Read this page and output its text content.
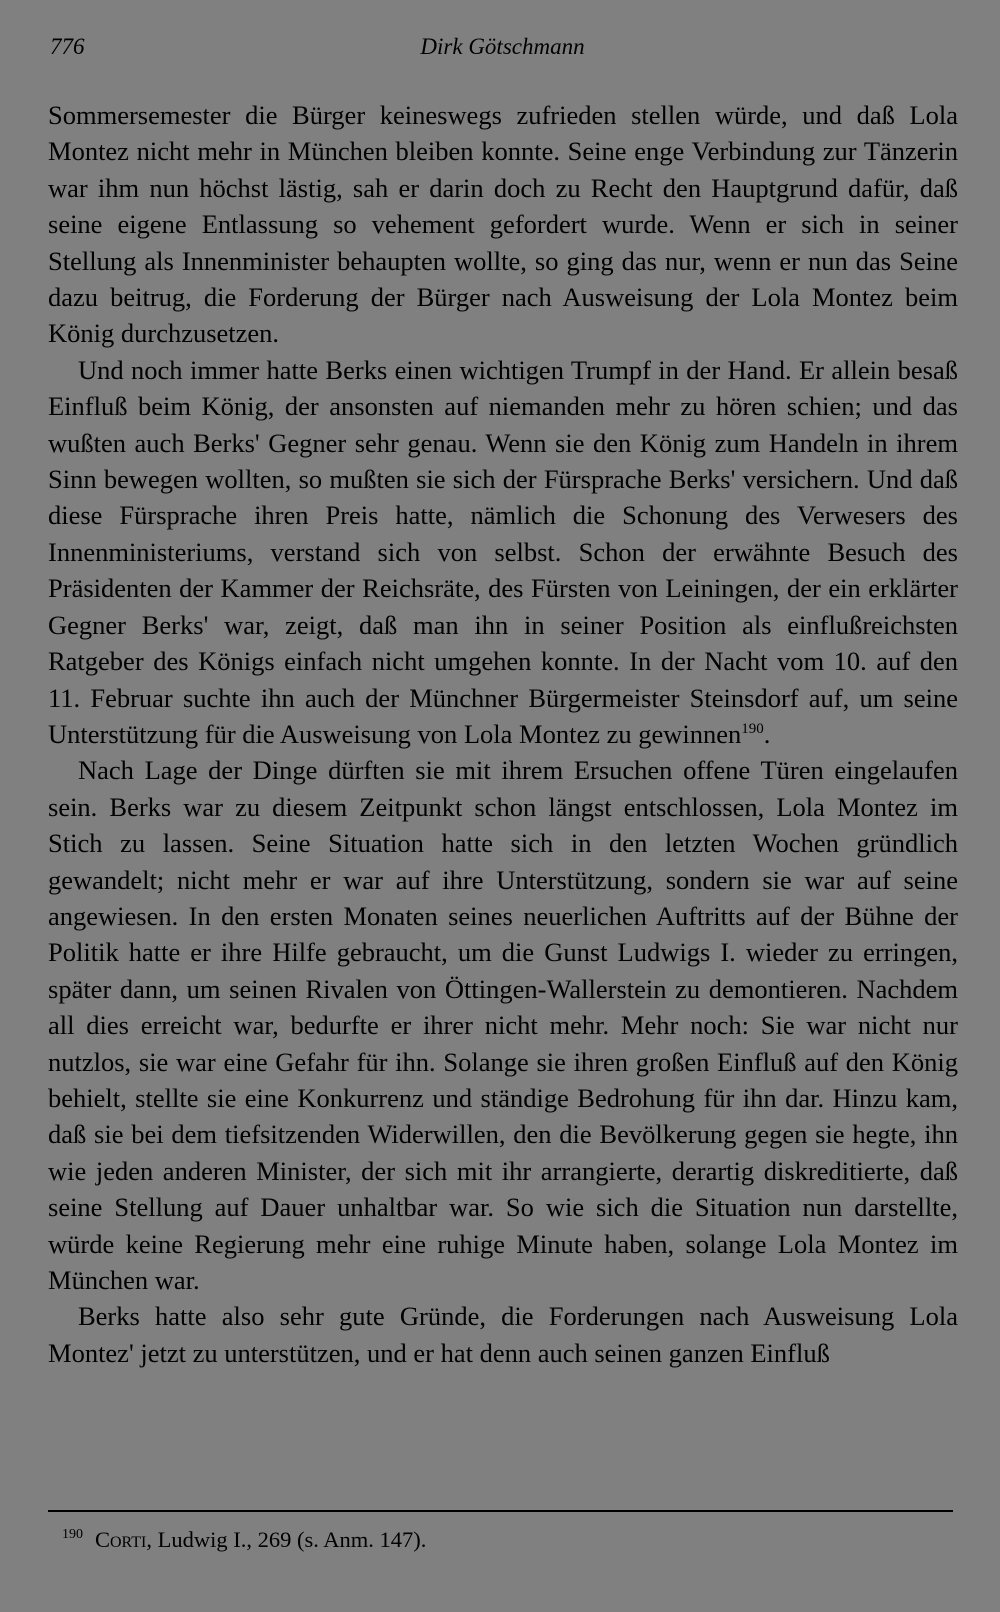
776	Dirk Götschmann

Sommersemester die Bürger keineswegs zufrieden stellen würde, und daß Lola Montez nicht mehr in München bleiben konnte. Seine enge Verbindung zur Tänzerin war ihm nun höchst lästig, sah er darin doch zu Recht den Hauptgrund dafür, daß seine eigene Entlassung so vehement gefordert wurde. Wenn er sich in seiner Stellung als Innenminister behaupten wollte, so ging das nur, wenn er nun das Seine dazu beitrug, die Forderung der Bürger nach Ausweisung der Lola Montez beim König durchzusetzen.

Und noch immer hatte Berks einen wichtigen Trumpf in der Hand. Er allein besaß Einfluß beim König, der ansonsten auf niemanden mehr zu hören schien; und das wußten auch Berks' Gegner sehr genau. Wenn sie den König zum Handeln in ihrem Sinn bewegen wollten, so mußten sie sich der Fürsprache Berks' versichern. Und daß diese Fürsprache ihren Preis hatte, nämlich die Schonung des Verwesers des Innenministeriums, verstand sich von selbst. Schon der erwähnte Besuch des Präsidenten der Kammer der Reichsräte, des Fürsten von Leiningen, der ein erklärter Gegner Berks' war, zeigt, daß man ihn in seiner Position als einflußreichsten Ratgeber des Königs einfach nicht umgehen konnte. In der Nacht vom 10. auf den 11. Februar suchte ihn auch der Münchner Bürgermeister Steinsdorf auf, um seine Unterstützung für die Ausweisung von Lola Montez zu gewinnen$^{190}$.

Nach Lage der Dinge dürften sie mit ihrem Ersuchen offene Türen eingelaufen sein. Berks war zu diesem Zeitpunkt schon längst entschlossen, Lola Montez im Stich zu lassen. Seine Situation hatte sich in den letzten Wochen gründlich gewandelt; nicht mehr er war auf ihre Unterstützung, sondern sie war auf seine angewiesen. In den ersten Monaten seines neuerlichen Auftritts auf der Bühne der Politik hatte er ihre Hilfe gebraucht, um die Gunst Ludwigs I. wieder zu erringen, später dann, um seinen Rivalen von Öttingen-Wallerstein zu demontieren. Nachdem all dies erreicht war, bedurfte er ihrer nicht mehr. Mehr noch: Sie war nicht nur nutzlos, sie war eine Gefahr für ihn. Solange sie ihren großen Einfluß auf den König behielt, stellte sie eine Konkurrenz und ständige Bedrohung für ihn dar. Hinzu kam, daß sie bei dem tiefsitzenden Widerwillen, den die Bevölkerung gegen sie hegte, ihn wie jeden anderen Minister, der sich mit ihr arrangierte, derartig diskreditierte, daß seine Stellung auf Dauer unhaltbar war. So wie sich die Situation nun darstellte, würde keine Regierung mehr eine ruhige Minute haben, solange Lola Montez im München war.

Berks hatte also sehr gute Gründe, die Forderungen nach Ausweisung Lola Montez' jetzt zu unterstützen, und er hat denn auch seinen ganzen Einfluß

$^{190}$ Corti, Ludwig I., 269 (s. Anm. 147).
